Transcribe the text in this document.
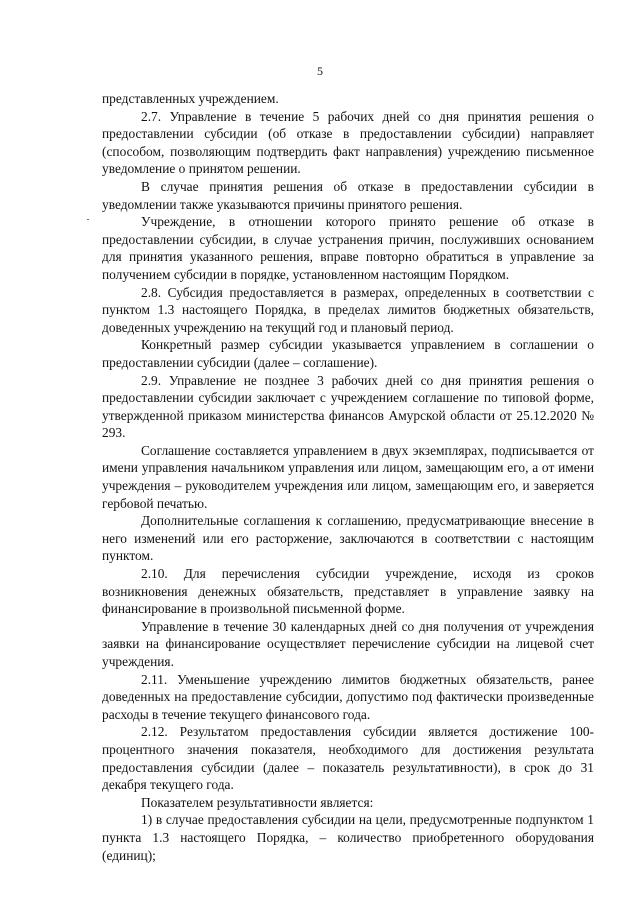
5

представленных учреждением.

2.7. Управление в течение 5 рабочих дней со дня принятия решения о предоставлении субсидии (об отказе в предоставлении субсидии) направляет (способом, позволяющим подтвердить факт направления) учреждению письменное уведомление о принятом решении.

В случае принятия решения об отказе в предоставлении субсидии в уведомлении также указываются причины принятого решения.

Учреждение, в отношении которого принято решение об отказе в предоставлении субсидии, в случае устранения причин, послуживших основанием для принятия указанного решения, вправе повторно обратиться в управление за получением субсидии в порядке, установленном настоящим Порядком.

2.8. Субсидия предоставляется в размерах, определенных в соответствии с пунктом 1.3 настоящего Порядка, в пределах лимитов бюджетных обязательств, доведенных учреждению на текущий год и плановый период.

Конкретный размер субсидии указывается управлением в соглашении о предоставлении субсидии (далее – соглашение).

2.9. Управление не позднее 3 рабочих дней со дня принятия решения о предоставлении субсидии заключает с учреждением соглашение по типовой форме, утвержденной приказом министерства финансов Амурской области от 25.12.2020 № 293.

Соглашение составляется управлением в двух экземплярах, подписывается от имени управления начальником управления или лицом, замещающим его, а от имени учреждения – руководителем учреждения или лицом, замещающим его, и заверяется гербовой печатью.

Дополнительные соглашения к соглашению, предусматривающие внесение в него изменений или его расторжение, заключаются в соответствии с настоящим пунктом.

2.10. Для перечисления субсидии учреждение, исходя из сроков возникновения денежных обязательств, представляет в управление заявку на финансирование в произвольной письменной форме.

Управление в течение 30 календарных дней со дня получения от учреждения заявки на финансирование осуществляет перечисление субсидии на лицевой счет учреждения.

2.11. Уменьшение учреждению лимитов бюджетных обязательств, ранее доведенных на предоставление субсидии, допустимо под фактически произведенные расходы в течение текущего финансового года.

2.12. Результатом предоставления субсидии является достижение 100-процентного значения показателя, необходимого для достижения результата предоставления субсидии (далее – показатель результативности), в срок до 31 декабря текущего года.

Показателем результативности является:

1) в случае предоставления субсидии на цели, предусмотренные подпунктом 1 пункта 1.3 настоящего Порядка, – количество приобретенного оборудования (единиц);
